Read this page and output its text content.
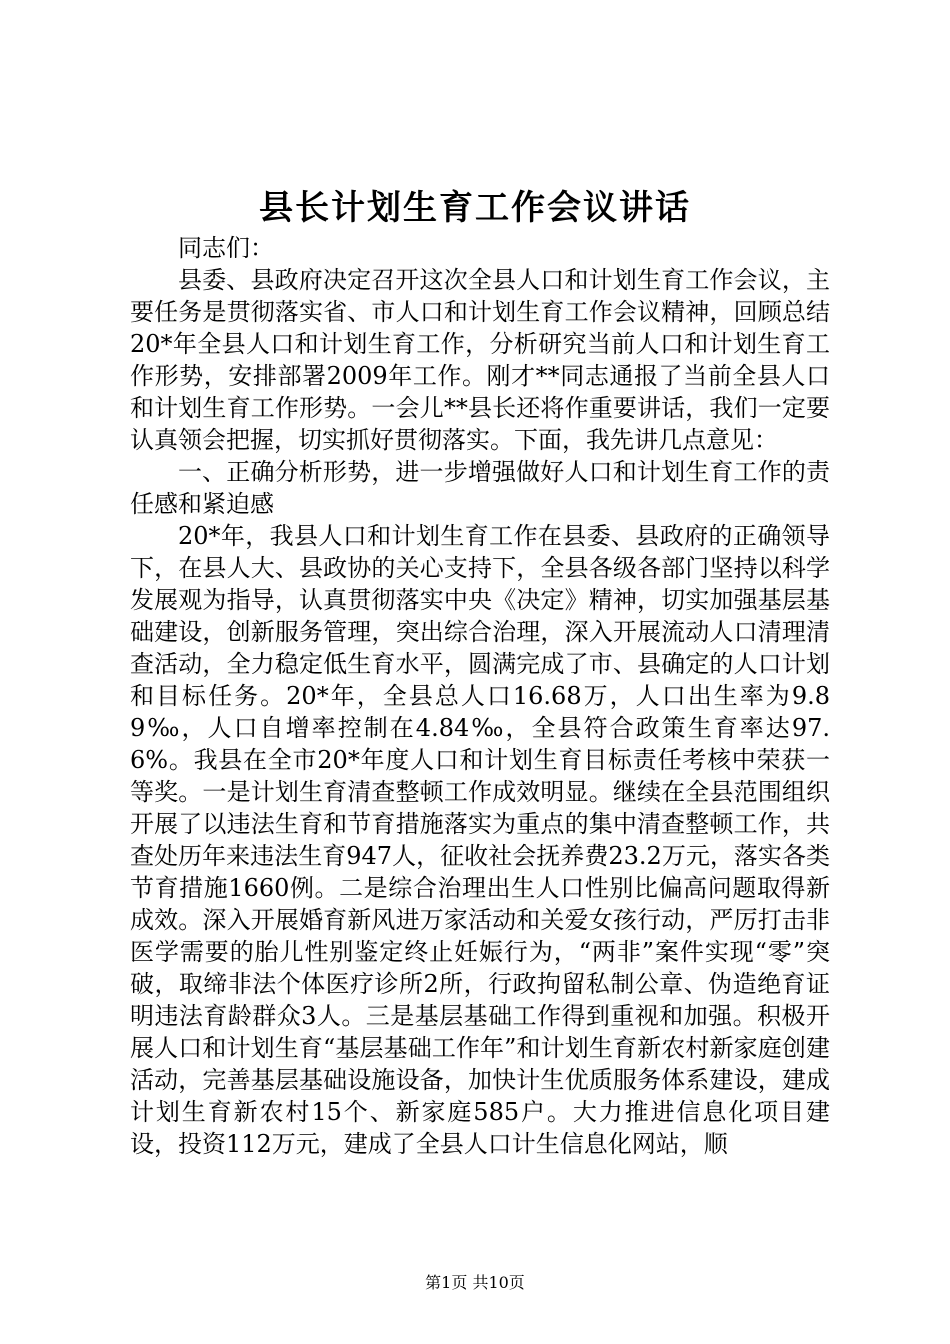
县长计划生育工作会议讲话

同志们：

县委、县政府决定召开这次全县人口和计划生育工作会议，主要任务是贯彻落实省、市人口和计划生育工作会议精神，回顾总结20*年全县人口和计划生育工作，分析研究当前人口和计划生育工作形势，安排部署2009年工作。刚才**同志通报了当前全县人口和计划生育工作形势。一会儿**县长还将作重要讲话，我们一定要认真领会把握，切实抓好贯彻落实。下面，我先讲几点意见：

一、正确分析形势，进一步增强做好人口和计划生育工作的责任感和紧迫感

20*年，我县人口和计划生育工作在县委、县政府的正确领导下，在县人大、县政协的关心支持下，全县各级各部门坚持以科学发展观为指导，认真贯彻落实中央《决定》精神，切实加强基层基础建设，创新服务管理，突出综合治理，深入开展流动人口清理清查活动，全力稳定低生育水平，圆满完成了市、县确定的人口计划和目标任务。20*年，全县总人口16.68万，人口出生率为9.89‰，人口自增率控制在4.84‰，全县符合政策生育率达97.6%。我县在全市20*年度人口和计划生育目标责任考核中荣获一等奖。一是计划生育清查整顿工作成效明显。继续在全县范围组织开展了以违法生育和节育措施落实为重点的集中清查整顿工作，共查处历年来违法生育947人，征收社会抚养费23.2万元，落实各类节育措施1660例。二是综合治理出生人口性别比偏高问题取得新成效。深入开展婚育新风进万家活动和关爱女孩行动，严厉打击非医学需要的胎儿性别鉴定终止妊娠行为，“两非”案件实现“零”突破，取缔非法个体医疗诊所2所，行政拘留私制公章、伪造绝育证明违法育龄群众3人。三是基层基础工作得到重视和加强。积极开展人口和计划生育“基层基础工作年”和计划生育新农村新家庭创建活动，完善基层基础设施设备，加快计生优质服务体系建设，建成计划生育新农村15个、新家庭585户。大力推进信息化项目建设，投资112万元，建成了全县人口计生信息化网站，顺

第1页 共10页
